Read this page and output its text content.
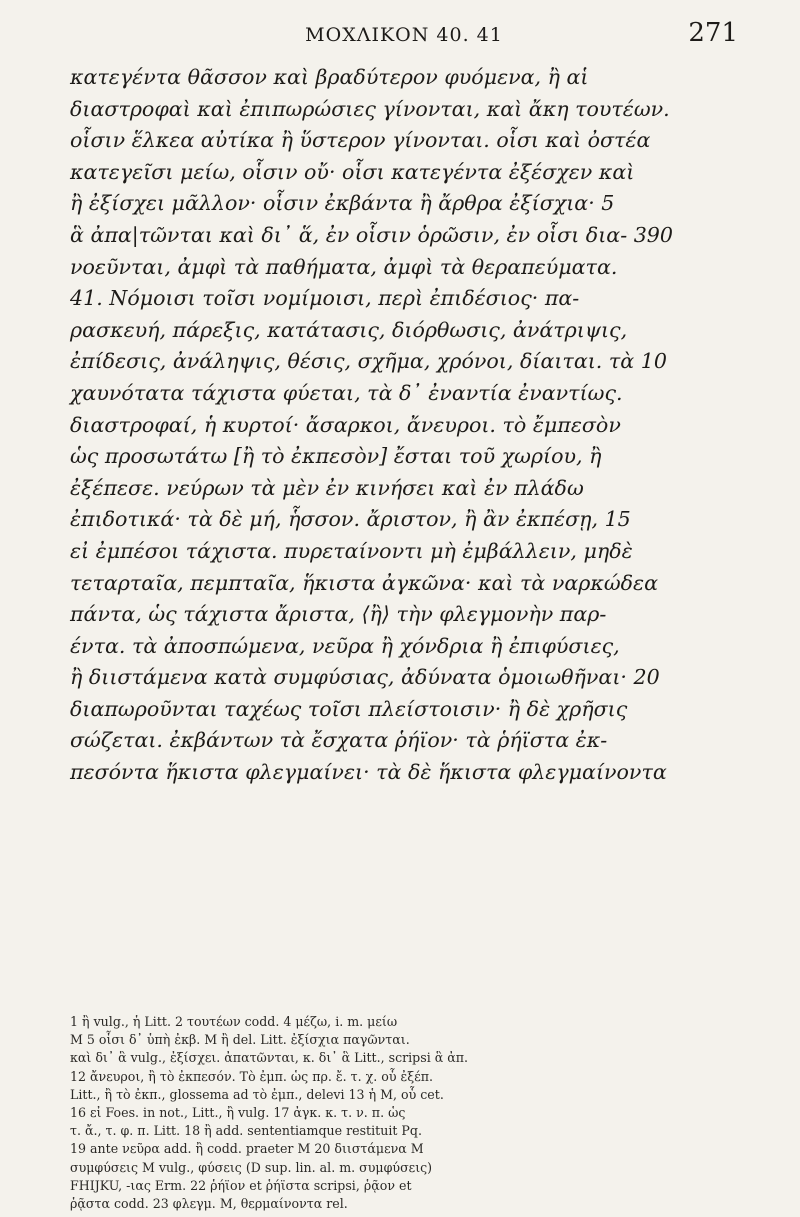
ΜΟΧΛΙΚΟΝ 40. 41	271
κατεγέντα θᾶσσον καὶ βραδύτερον φυόμενα, ἢ αἱ
διαστροφαὶ καὶ ἐπιπωρώσιες γίνονται, καὶ ἄκη τουτέων.
οἷσιν ἕλκεα αὐτίκα ἢ ὕστερον γίνονται. οἷσι καὶ ὀστέα
κατεγεῖσι μείω, οἷσιν οὔ· οἷσι κατεγέντα ἐξέσχεν καὶ
ἢ ἐξίσχει μᾶλλον· οἷσιν ἐκβάντα ἢ ἄρθρα ἐξίσχια· 5
ἃ ἀπα|τῶνται καὶ δι᾽ ἅ, ἐν οἷσιν ὁρῶσιν, ἐν οἷσι δια- 390
νοεῦνται, ἀμφὶ τὰ παθήματα, ἀμφὶ τὰ θεραπεύματα.
41. Νόμοισι τοῖσι νομίμοισι, περὶ ἐπιδέσιος· πα-
ρασκευή, πάρεξις, κατάτασις, διόρθωσις, ἀνάτριψις,
ἐπίδεσις, ἀνάληψις, θέσις, σχῆμα, χρόνοι, δίαιται. τὰ 10
χαυνότατα τάχιστα φύεται, τὰ δ᾽ ἐναντία ἐναντίως.
διαστροφαί, ἡ κυρτοί· ἄσαρκοι, ἄνευροι. τὸ ἔμπεσὸν
ὡς προσωτάτω [ἢ τὸ ἐκπεσὸν] ἔσται τοῦ χωρίου, ἢ
ἐξέπεσε. νεύρων τὰ μὲν ἐν κινήσει καὶ ἐν πλάδω
ἐπιδοτικά· τὰ δὲ μή, ἧσσον. ἄριστον, ἢ ἂν ἐκπέσῃ, 15
εἰ ἐμπέσοι τάχιστα. πυρεταίνοντι μὴ ἐμβάλλειν, μηδὲ
τεταρταῖα, πεμπταῖα, ἥκιστα ἀγκῶνα· καὶ τὰ ναρκώδεα
πάντα, ὡς τάχιστα ἄριστα, ⟨ἢ⟩ τὴν φλεγμονὴν παρ-
έντα. τὰ ἀποσπώμενα, νεῦρα ἢ χόνδρια ἢ ἐπιφύσιες,
ἢ διιστάμενα κατὰ συμφύσιας, ἀδύνατα ὁμοιωθῆναι· 20
διαπωροῦνται ταχέως τοῖσι πλείστοισιν· ἢ δὲ χρῆσις
σώζεται. ἐκβάντων τὰ ἔσχατα ῥήϊον· τὰ ῥήϊστα ἐκ-
πεσόντα ἥκιστα φλεγμαίνει· τὰ δὲ ἥκιστα φλεγμαίνοντα
1 ἢ vulg., ἡ Litt. 2 τουτέων codd. 4 μέζω, i. m. μείω
M 5 οἷσι δ᾽ ὑπὴ ἐκβ. M ἢ del. Litt. ἐξίσχια παγῶνται.
καὶ δι᾽ ἃ vulg., ἐξίσχει. ἀπατῶνται, κ. δι᾽ ἃ Litt., scripsi ἃ ἀπ.
12 ἄνευροι, ἢ τὸ ἐκπεσόν. Τὸ ἐμπ. ὡς πρ. ἔ. τ. χ. οὗ ἐξέπ.
Litt., ἢ τὸ ἐκπ., glossema ad τὸ ἐμπ., delevi 13 ἡ M, οὗ cet.
16 εἰ Foes. in not., Litt., ἢ vulg. 17 ἀγκ. κ. τ. ν. π. ὡς
τ. ἄ., τ. φ. π. Litt. 18 ἢ add. sententiamque restituit Pq.
19 ante νεῦρα add. ἢ codd. praeter M 20 διιστάμενα M
συμφύσεις M vulg., φύσεις (D sup. lin. al. m. συμφύσεις)
FHIJKU, -ιας Erm. 22 ῥήϊον et ῥήϊστα scripsi, ῥᾷον et
ῥᾷστα codd. 23 φλεγμ. M, θερμαίνοντα rel.
